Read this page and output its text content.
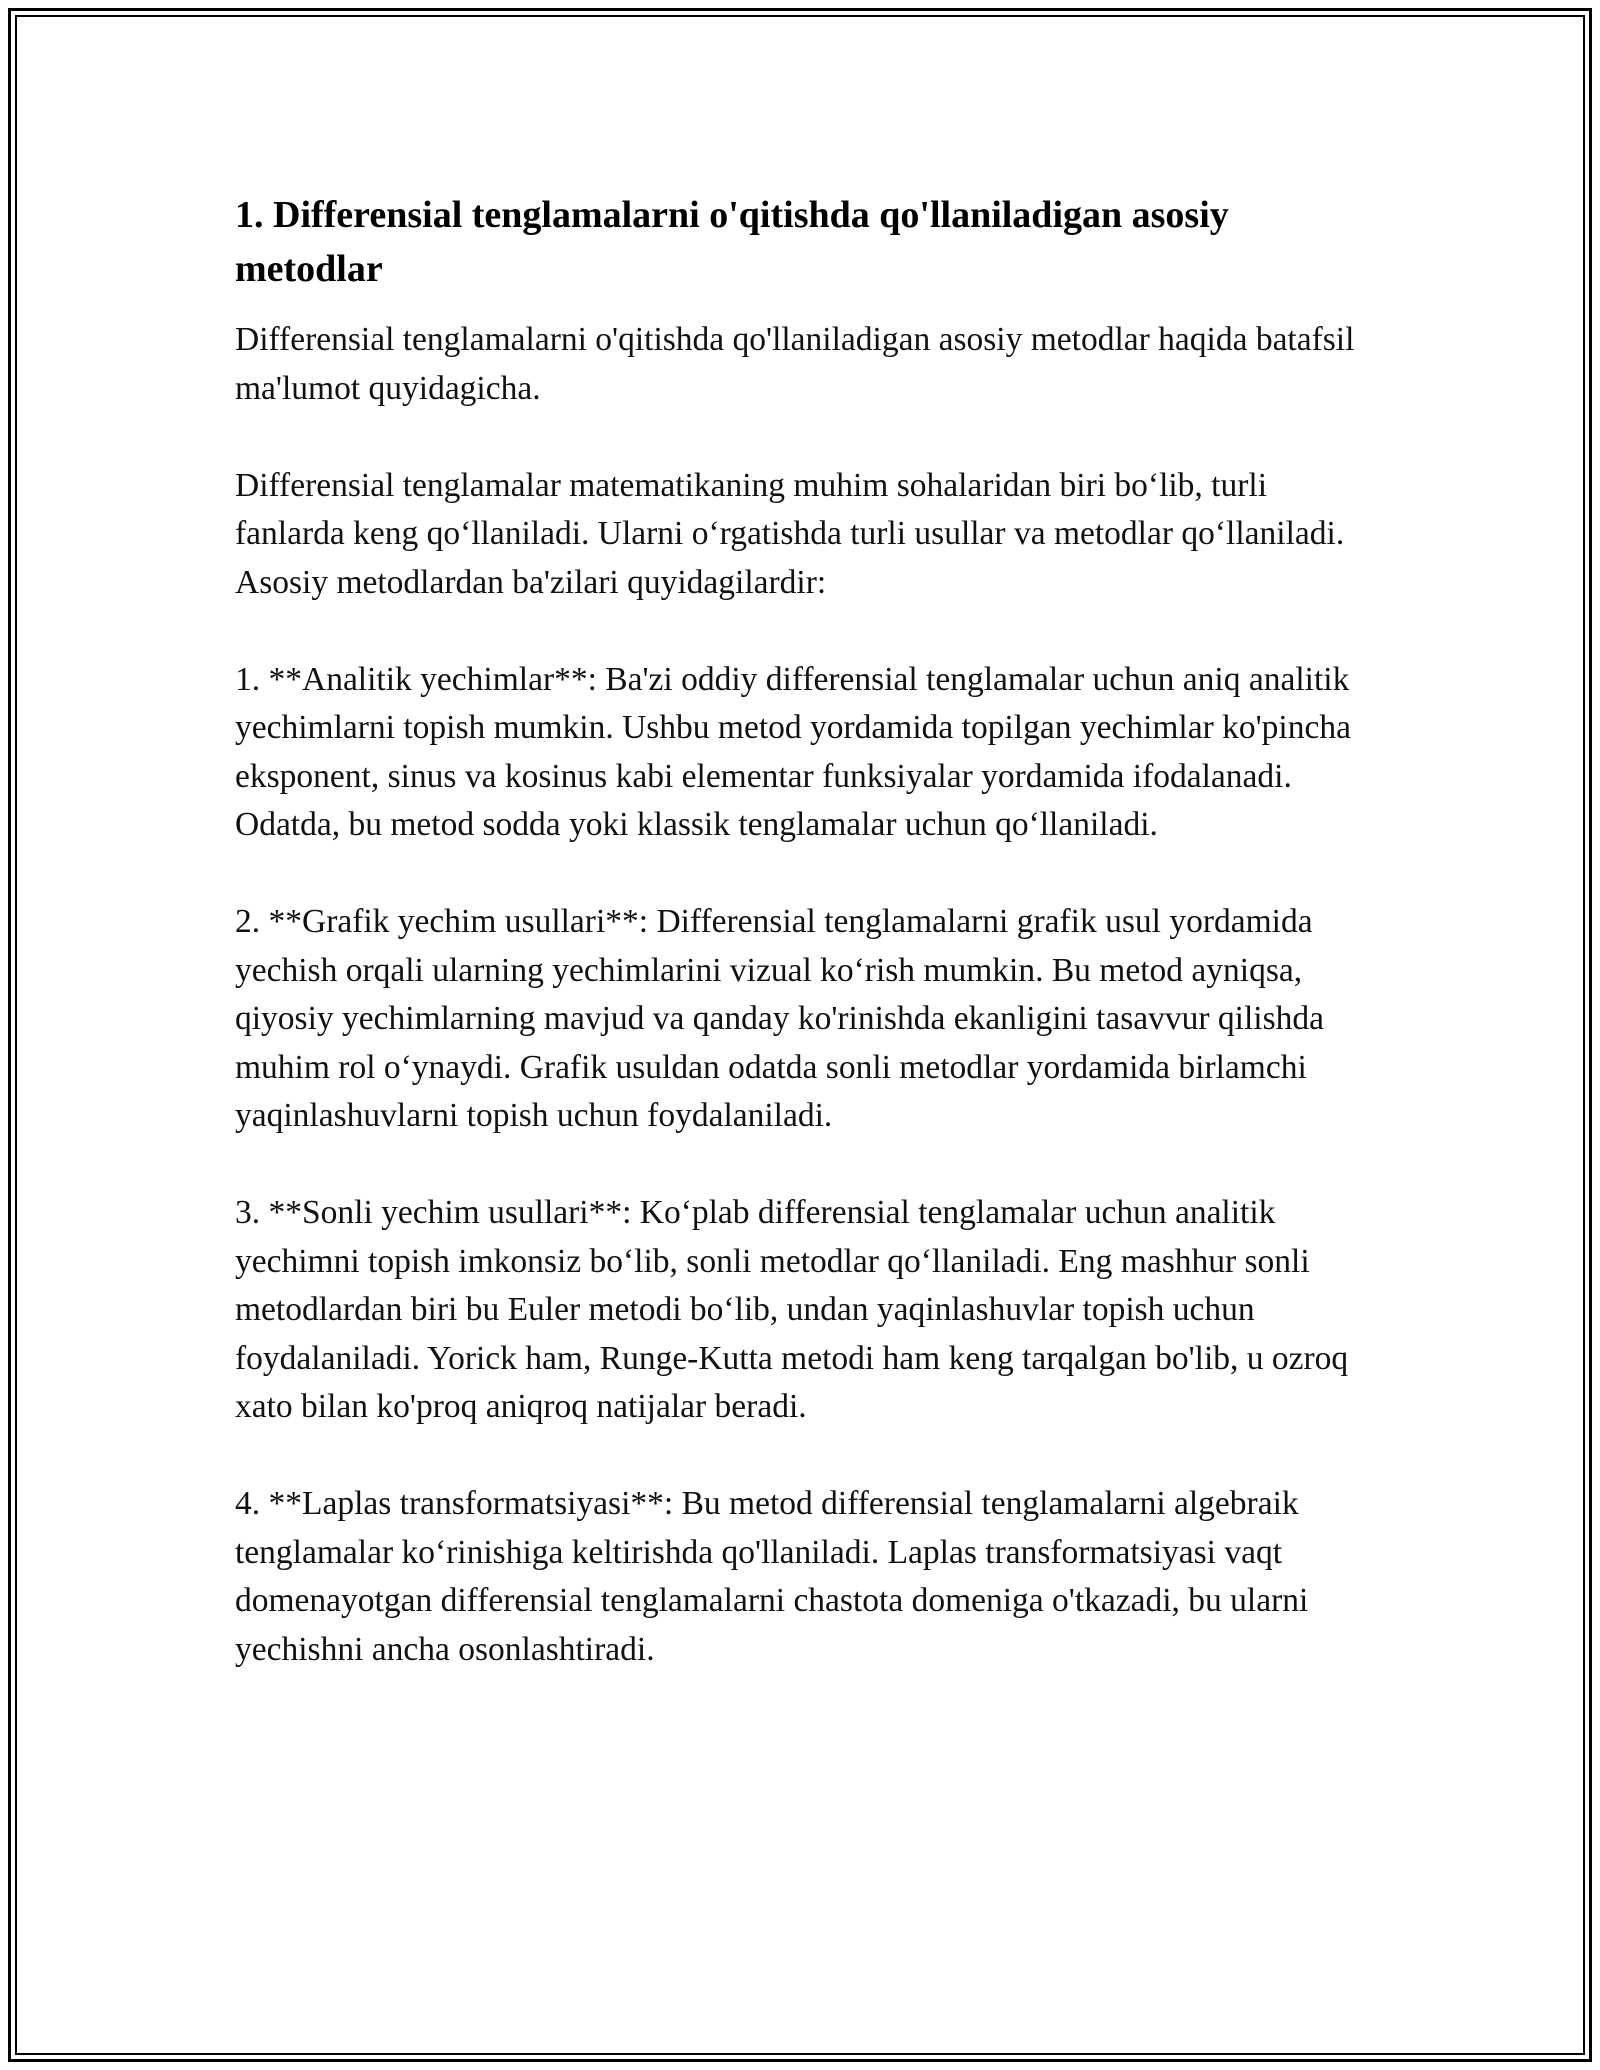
1. Differensial tenglamalarni o'qitishda qo'llaniladigan asosiy metodlar

Differensial tenglamalarni o'qitishda qo'llaniladigan asosiy metodlar haqida batafsil ma'lumot quyidagicha.

Differensial tenglamalar matematikaning muhim sohalaridan biri bo‘lib, turli fanlarda keng qo‘llaniladi. Ularni o‘rgatishda turli usullar va metodlar qo‘llaniladi. Asosiy metodlardan ba'zilari quyidagilardir:

1. **Analitik yechimlar**: Ba'zi oddiy differensial tenglamalar uchun aniq analitik yechimlarni topish mumkin. Ushbu metod yordamida topilgan yechimlar ko'pincha eksponent, sinus va kosinus kabi elementar funksiyalar yordamida ifodalanadi. Odatda, bu metod sodda yoki klassik tenglamalar uchun qo‘llaniladi.

2. **Grafik yechim usullari**: Differensial tenglamalarni grafik usul yordamida yechish orqali ularning yechimlarini vizual ko‘rish mumkin. Bu metod ayniqsa, qiyosiy yechimlarning mavjud va qanday ko'rinishda ekanligini tasavvur qilishda muhim rol o‘ynaydi. Grafik usuldan odatda sonli metodlar yordamida birlamchi yaqinlashuvlarni topish uchun foydalaniladi.

3. **Sonli yechim usullari**: Ko‘plab differensial tenglamalar uchun analitik yechimni topish imkonsiz bo‘lib, sonli metodlar qo‘llaniladi. Eng mashhur sonli metodlardan biri bu Euler metodi bo‘lib, undan yaqinlashuvlar topish uchun foydalaniladi. Yorick ham, Runge-Kutta metodi ham keng tarqalgan bo'lib, u ozroq xato bilan ko'proq aniqroq natijalar beradi.

4. **Laplas transformatsiyasi**: Bu metod differensial tenglamalarni algebraik tenglamalar ko‘rinishiga keltirishda qo'llaniladi. Laplas transformatsiyasi vaqt domenayotgan differensial tenglamalarni chastota domeniga o'tkazadi, bu ularni yechishni ancha osonlashtiradi.
